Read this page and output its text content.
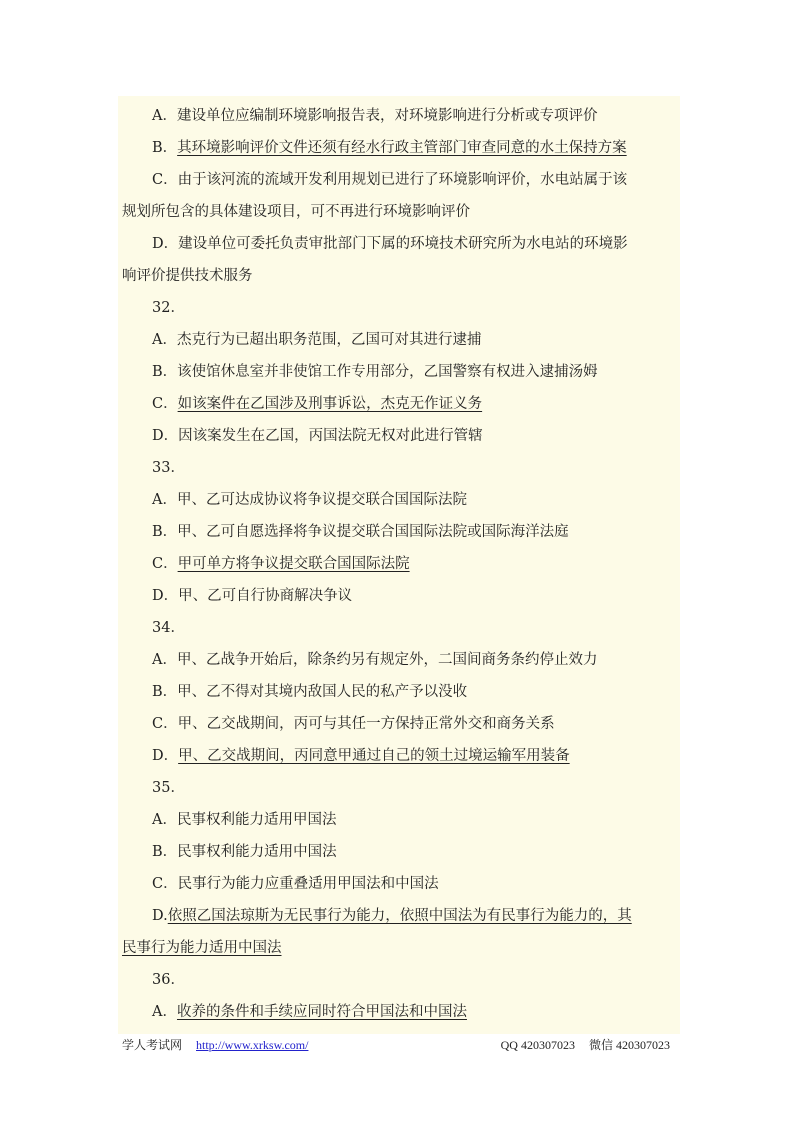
A．建设单位应编制环境影响报告表，对环境影响进行分析或专项评价
B．其环境影响评价文件还须有经水行政主管部门审查同意的水土保持方案
C．由于该河流的流域开发利用规划已进行了环境影响评价，水电站属于该
规划所包含的具体建设项目，可不再进行环境影响评价
D．建设单位可委托负责审批部门下属的环境技术研究所为水电站的环境影
响评价提供技术服务
32．
A．杰克行为已超出职务范围，乙国可对其进行逮捕
B．该使馆休息室并非使馆工作专用部分，乙国警察有权进入逮捕汤姆
C．如该案件在乙国涉及刑事诉讼，杰克无作证义务
D．因该案发生在乙国，丙国法院无权对此进行管辖
33．
A．甲、乙可达成协议将争议提交联合国国际法院
B．甲、乙可自愿选择将争议提交联合国国际法院或国际海洋法庭
C．甲可单方将争议提交联合国国际法院
D．甲、乙可自行协商解决争议
34．
A．甲、乙战争开始后，除条约另有规定外，二国间商务条约停止效力
B．甲、乙不得对其境内敌国人民的私产予以没收
C．甲、乙交战期间，丙可与其任一方保持正常外交和商务关系
D．甲、乙交战期间，丙同意甲通过自己的领土过境运输军用装备
35．
A．民事权利能力适用甲国法
B．民事权利能力适用中国法
C．民事行为能力应重叠适用甲国法和中国法
D.依照乙国法琼斯为无民事行为能力，依照中国法为有民事行为能力的，其
民事行为能力适用中国法
36．
A．收养的条件和手续应同时符合甲国法和中国法
学人考试网 http://www.xrksw.com/	QQ 420307023 微信 420307023
